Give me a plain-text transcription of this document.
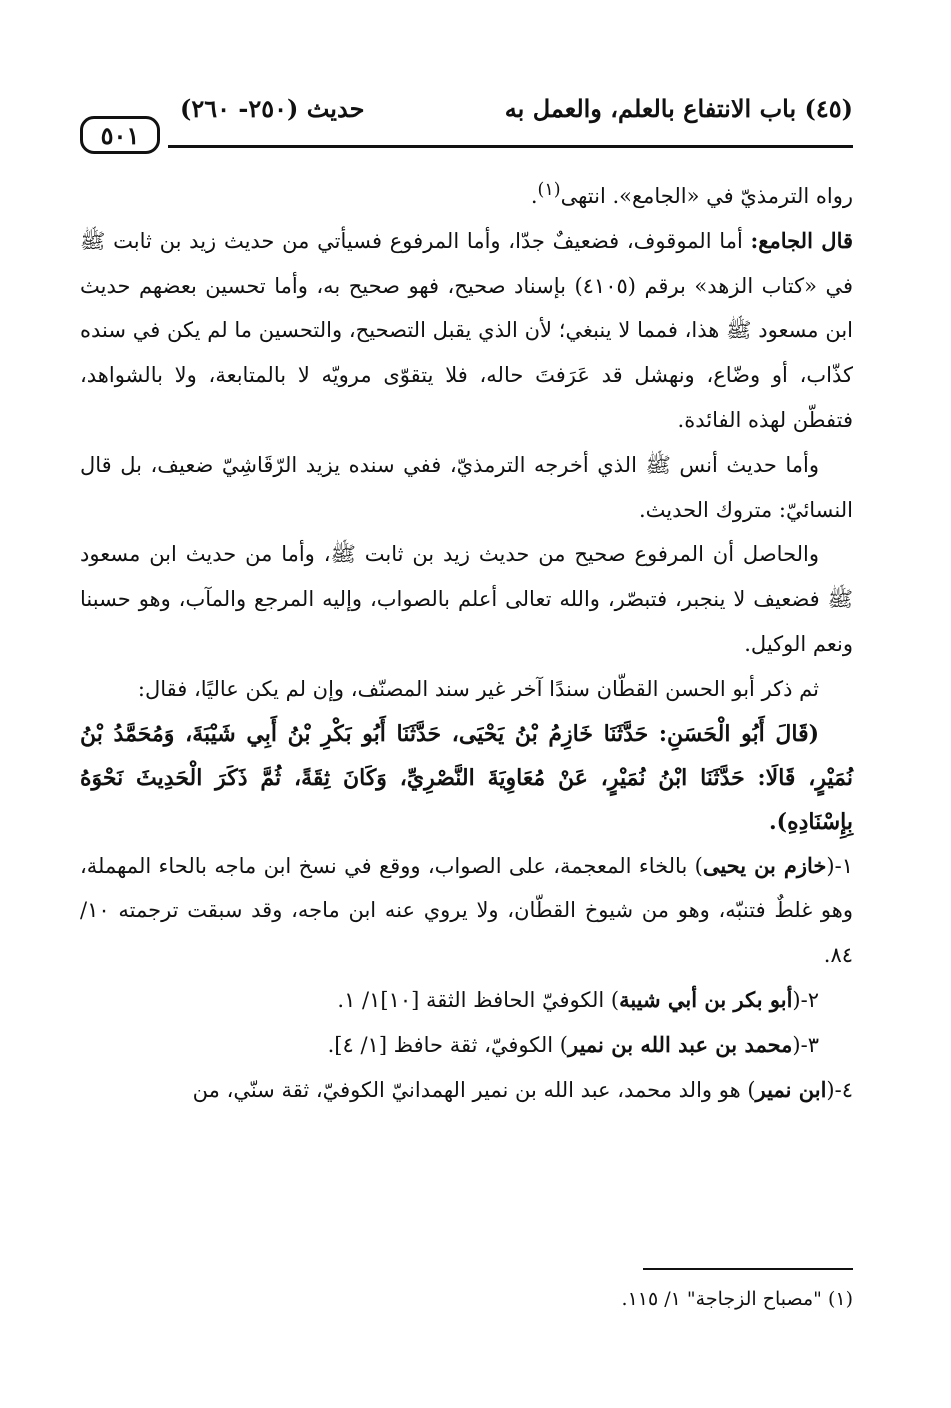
٥٠١
حديث (٢٥٠- ٢٦٠)	(٤٥) باب الانتفاع بالعلم، والعمل به

رواه الترمذيّ في «الجامع». انتهى$^{(١)}$.

قال الجامع: أما الموقوف، فضعيفٌ جدّا، وأما المرفوع فسيأتي من حديث زيد بن ثابت ﷺ في «كتاب الزهد» برقم (٤١٠٥) بإسناد صحيح، فهو صحيح به، وأما تحسين بعضهم حديث ابن مسعود ﷺ هذا، فمما لا ينبغي؛ لأن الذي يقبل التصحيح، والتحسين ما لم يكن في سنده كذّاب، أو وضّاع، ونهشل قد عَرَفتَ حاله، فلا يتقوّى مرويّه لا بالمتابعة، ولا بالشواهد، فتفطّن لهذه الفائدة.

وأما حديث أنس ﷺ الذي أخرجه الترمذيّ، ففي سنده يزيد الرّقَاشِيّ ضعيف، بل قال النسائيّ: متروك الحديث.

والحاصل أن المرفوع صحيح من حديث زيد بن ثابت ﷺ، وأما من حديث ابن مسعود ﷺ فضعيف لا ينجبر، فتبصّر، والله تعالى أعلم بالصواب، وإليه المرجع والمآب، وهو حسبنا ونعم الوكيل.

ثم ذكر أبو الحسن القطّان سندًا آخر غير سند المصنّف، وإن لم يكن عاليًا، فقال:

(قَالَ أَبُو الْحَسَنِ: حَدَّثَنَا خَازِمُ بْنُ يَحْيَى، حَدَّثَنَا أَبُو بَكْرِ بْنُ أَبِي شَيْبَةَ، وَمُحَمَّدُ بْنُ نُمَيْرٍ، قَالَا: حَدَّثَنَا ابْنُ نُمَيْرٍ، عَنْ مُعَاوِيَةَ النَّصْرِيِّ، وَكَانَ ثِقَةً، ثُمَّ ذَكَرَ الْحَدِيثَ نَحْوَهُ بِإِسْنَادِهِ).

١-(خازم بن يحيى) بالخاء المعجمة، على الصواب، ووقع في نسخ ابن ماجه بالحاء المهملة، وهو غلطٌ فتنبّه، وهو من شيوخ القطّان، ولا يروي عنه ابن ماجه، وقد سبقت ترجمته ١٠/ ٨٤.

٢-(أبو بكر بن أبي شيبة) الكوفيّ الحافظ الثقة [١٠]١/ ١.

٣-(محمد بن عبد الله بن نمير) الكوفيّ، ثقة حافظ [١/ ٤].

٤-(ابن نمير) هو والد محمد، عبد الله بن نمير الهمدانيّ الكوفيّ، ثقة سنّي، من

(١) "مصباح الزجاجة" ١/ ١١٥.
